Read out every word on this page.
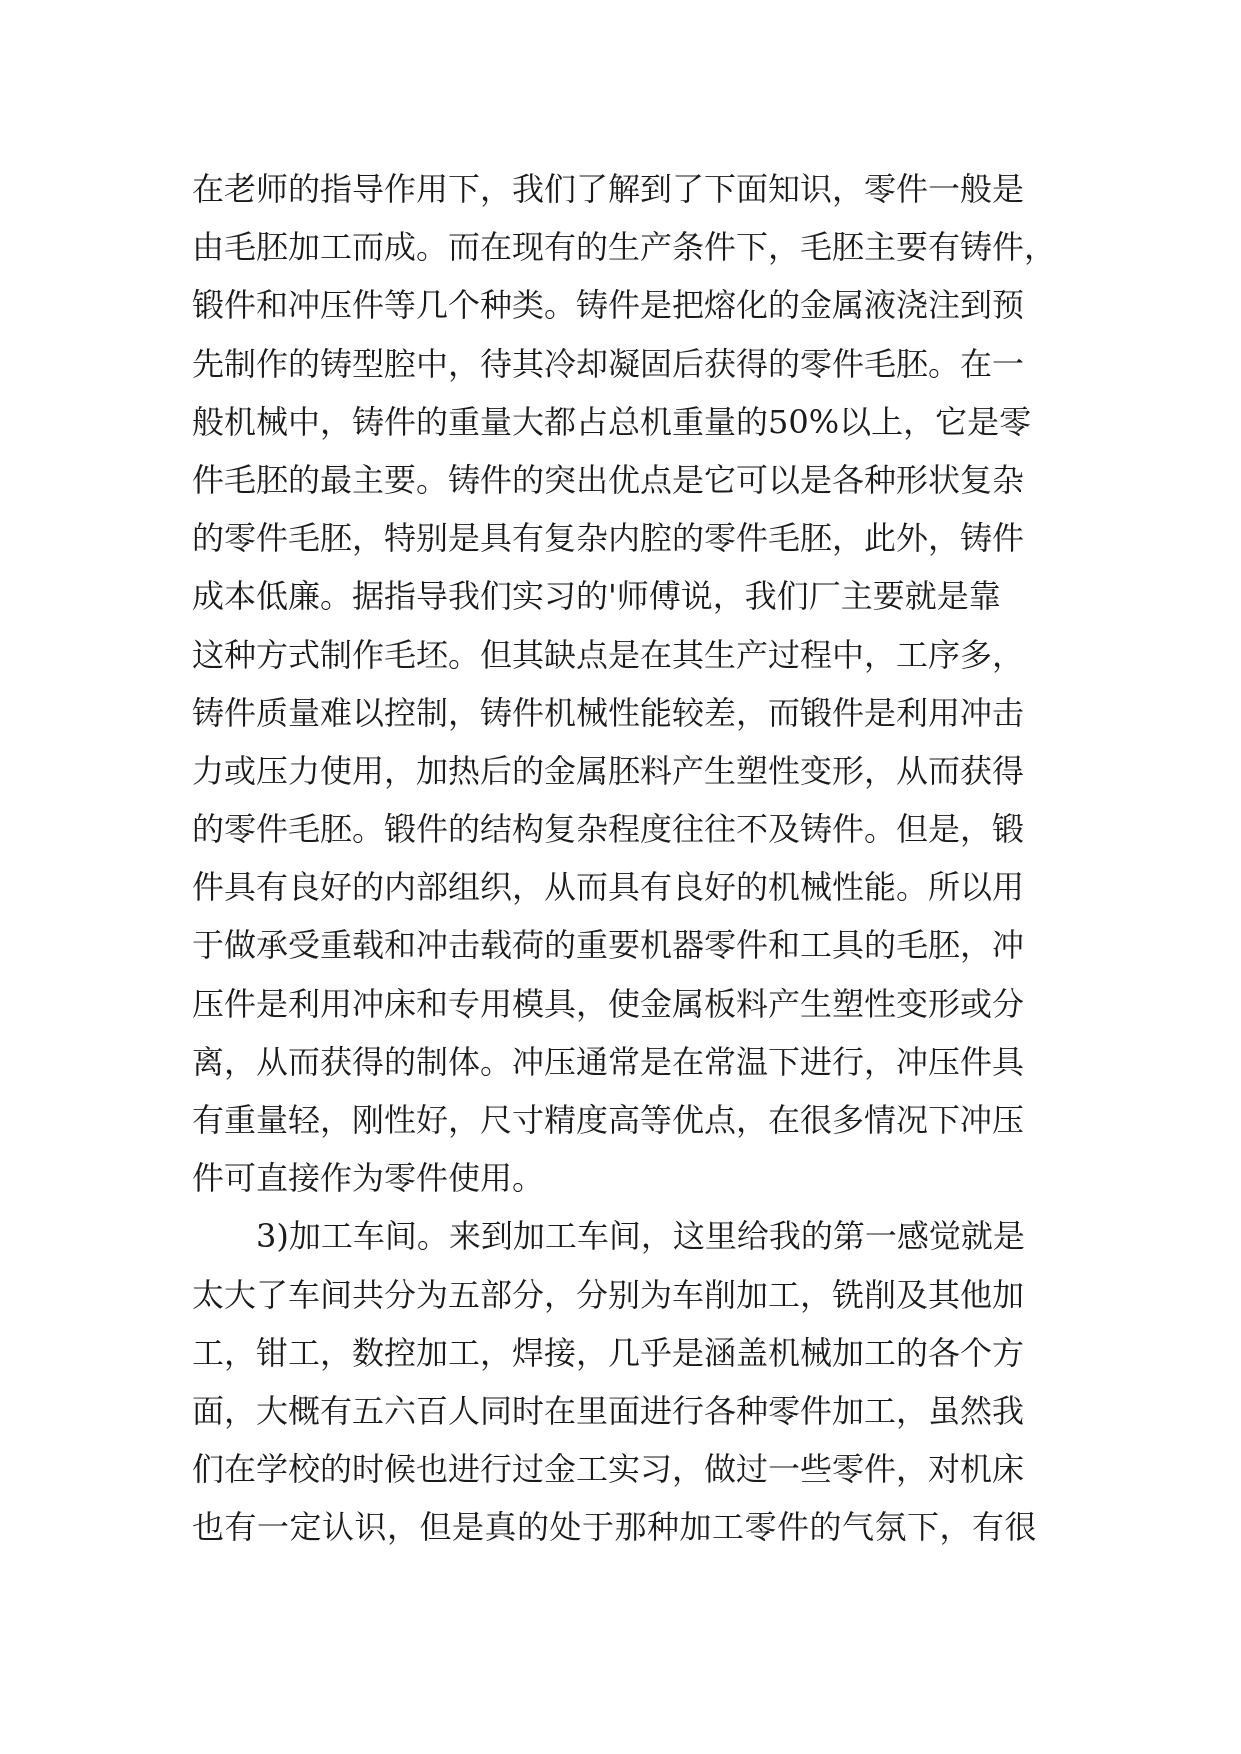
在老师的指导作用下，我们了解到了下面知识，零件一般是
由毛胚加工而成。而在现有的生产条件下，毛胚主要有铸件，
锻件和冲压件等几个种类。铸件是把熔化的金属液浇注到预
先制作的铸型腔中，待其冷却凝固后获得的零件毛胚。在一
般机械中，铸件的重量大都占总机重量的50%以上，它是零
件毛胚的最主要。铸件的突出优点是它可以是各种形状复杂
的零件毛胚，特别是具有复杂内腔的零件毛胚，此外，铸件
成本低廉。据指导我们实习的'师傅说，我们厂主要就是靠
这种方式制作毛坯。但其缺点是在其生产过程中，工序多，
铸件质量难以控制，铸件机械性能较差，而锻件是利用冲击
力或压力使用，加热后的金属胚料产生塑性变形，从而获得
的零件毛胚。锻件的结构复杂程度往往不及铸件。但是，锻
件具有良好的内部组织，从而具有良好的机械性能。所以用
于做承受重载和冲击载荷的重要机器零件和工具的毛胚，冲
压件是利用冲床和专用模具，使金属板料产生塑性变形或分
离，从而获得的制体。冲压通常是在常温下进行，冲压件具
有重量轻，刚性好，尺寸精度高等优点，在很多情况下冲压
件可直接作为零件使用。
　　3)加工车间。来到加工车间，这里给我的第一感觉就是
太大了车间共分为五部分，分别为车削加工，铣削及其他加
工，钳工，数控加工，焊接，几乎是涵盖机械加工的各个方
面，大概有五六百人同时在里面进行各种零件加工，虽然我
们在学校的时候也进行过金工实习，做过一些零件，对机床
也有一定认识，但是真的处于那种加工零件的气氛下，有很
